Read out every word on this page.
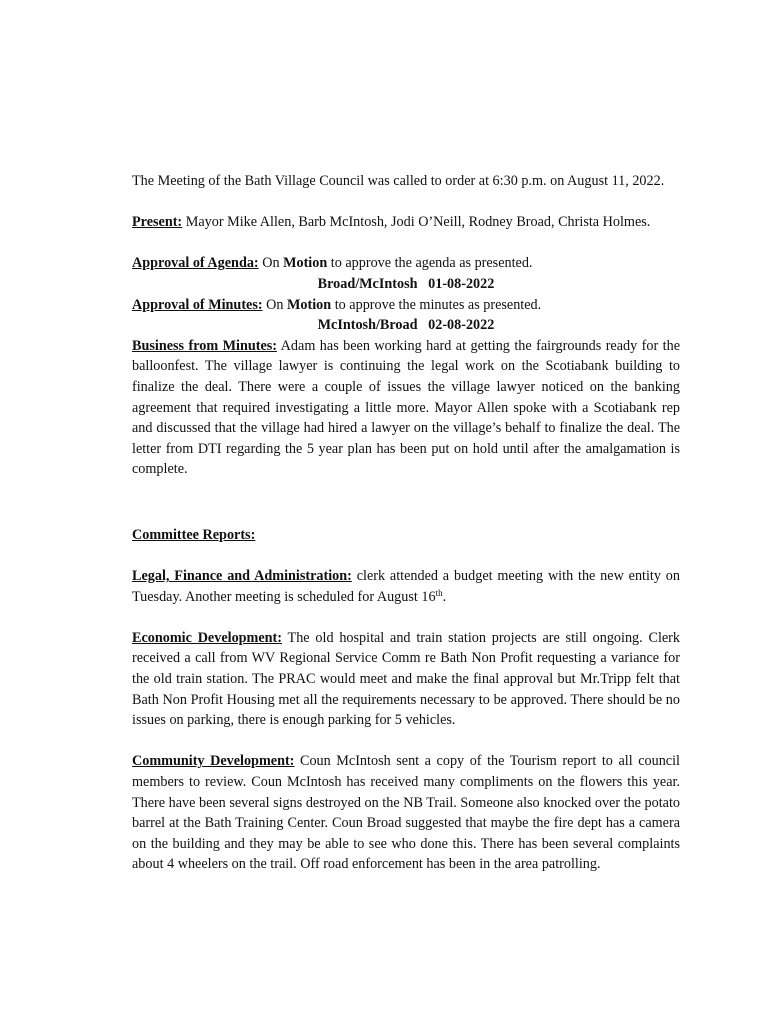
The Meeting of the Bath Village Council was called to order at 6:30 p.m. on August 11, 2022.

Present: Mayor Mike Allen, Barb McIntosh, Jodi O’Neill, Rodney Broad, Christa Holmes.

Approval of Agenda: On Motion to approve the agenda as presented.

Broad/McIntosh 01-08-2022

Approval of Minutes: On Motion to approve the minutes as presented.

McIntosh/Broad 02-08-2022

Business from Minutes: Adam has been working hard at getting the fairgrounds ready for the balloonfest. The village lawyer is continuing the legal work on the Scotiabank building to finalize the deal. There were a couple of issues the village lawyer noticed on the banking agreement that required investigating a little more. Mayor Allen spoke with a Scotiabank rep and discussed that the village had hired a lawyer on the village’s behalf to finalize the deal. The letter from DTI regarding the 5 year plan has been put on hold until after the amalgamation is complete.

Committee Reports:

Legal, Finance and Administration: clerk attended a budget meeting with the new entity on Tuesday. Another meeting is scheduled for August 16th.

Economic Development: The old hospital and train station projects are still ongoing. Clerk received a call from WV Regional Service Comm re Bath Non Profit requesting a variance for the old train station. The PRAC would meet and make the final approval but Mr.Tripp felt that Bath Non Profit Housing met all the requirements necessary to be approved. There should be no issues on parking, there is enough parking for 5 vehicles.

Community Development: Coun McIntosh sent a copy of the Tourism report to all council members to review. Coun McIntosh has received many compliments on the flowers this year. There have been several signs destroyed on the NB Trail. Someone also knocked over the potato barrel at the Bath Training Center. Coun Broad suggested that maybe the fire dept has a camera on the building and they may be able to see who done this. There has been several complaints about 4 wheelers on the trail. Off road enforcement has been in the area patrolling.
